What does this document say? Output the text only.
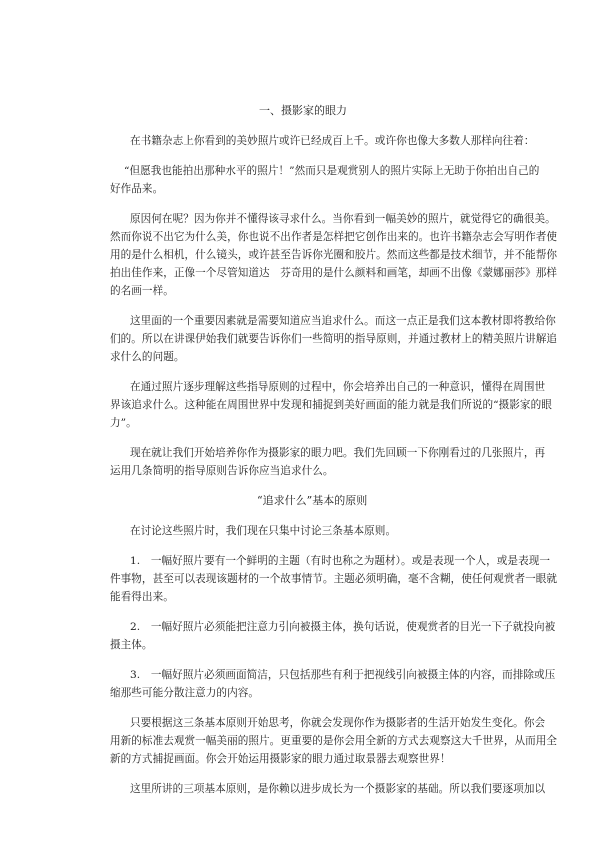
一、摄影家的眼力
在书籍杂志上你看到的美妙照片或许已经成百上千。或许你也像大多数人那样向往着：
“但愿我也能拍出那种水平的照片！”然而只是观赏别人的照片实际上无助于你拍出自己的
好作品来。
原因何在呢？因为你并不懂得该寻求什么。当你看到一幅美妙的照片，就觉得它的确很美。
然而你说不出它为什么美，你也说不出作者是怎样把它创作出来的。也许书籍杂志会写明作者使
用的是什么相机，什么镜头，或许甚至告诉你光圈和胶片。然而这些都是技术细节，并不能帮你
拍出佳作来，正像一个尽管知道达　芬奇用的是什么颜料和画笔，却画不出像《蒙娜丽莎》那样
的名画一样。
这里面的一个重要因素就是需要知道应当追求什么。而这一点正是我们这本教材即将教给你
们的。所以在讲课伊始我们就要告诉你们一些简明的指导原则，并通过教材上的精美照片讲解追
求什么的问题。
在通过照片逐步理解这些指导原则的过程中，你会培养出自己的一种意识，懂得在周围世
界该追求什么。这种能在周围世界中发现和捕捉到美好画面的能力就是我们所说的“摄影家的眼
力”。
现在就让我们开始培养你作为摄影家的眼力吧。我们先回顾一下你刚看过的几张照片，再
运用几条简明的指导原则告诉你应当追求什么。
“追求什么”基本的原则
在讨论这些照片时，我们现在只集中讨论三条基本原则。
1.　一幅好照片要有一个鲜明的主题（有时也称之为题材）。或是表现一个人，或是表现一
件事物，甚至可以表现该题材的一个故事情节。主题必须明确，毫不含糊，使任何观赏者一眼就
能看得出来。
2.　一幅好照片必须能把注意力引向被摄主体，换句话说，使观赏者的目光一下子就投向被
摄主体。
3.　一幅好照片必须画面简洁，只包括那些有利于把视线引向被摄主体的内容，而排除或压
缩那些可能分散注意力的内容。
只要根据这三条基本原则开始思考，你就会发现你作为摄影者的生活开始发生变化。你会
用新的标准去观赏一幅美丽的照片。更重要的是你会用全新的方式去观察这大千世界，从而用全
新的方式捕捉画面。你会开始运用摄影家的眼力通过取景器去观察世界！
这里所讲的三项基本原则，是你赖以进步成长为一个摄影家的基础。所以我们要逐项加以
